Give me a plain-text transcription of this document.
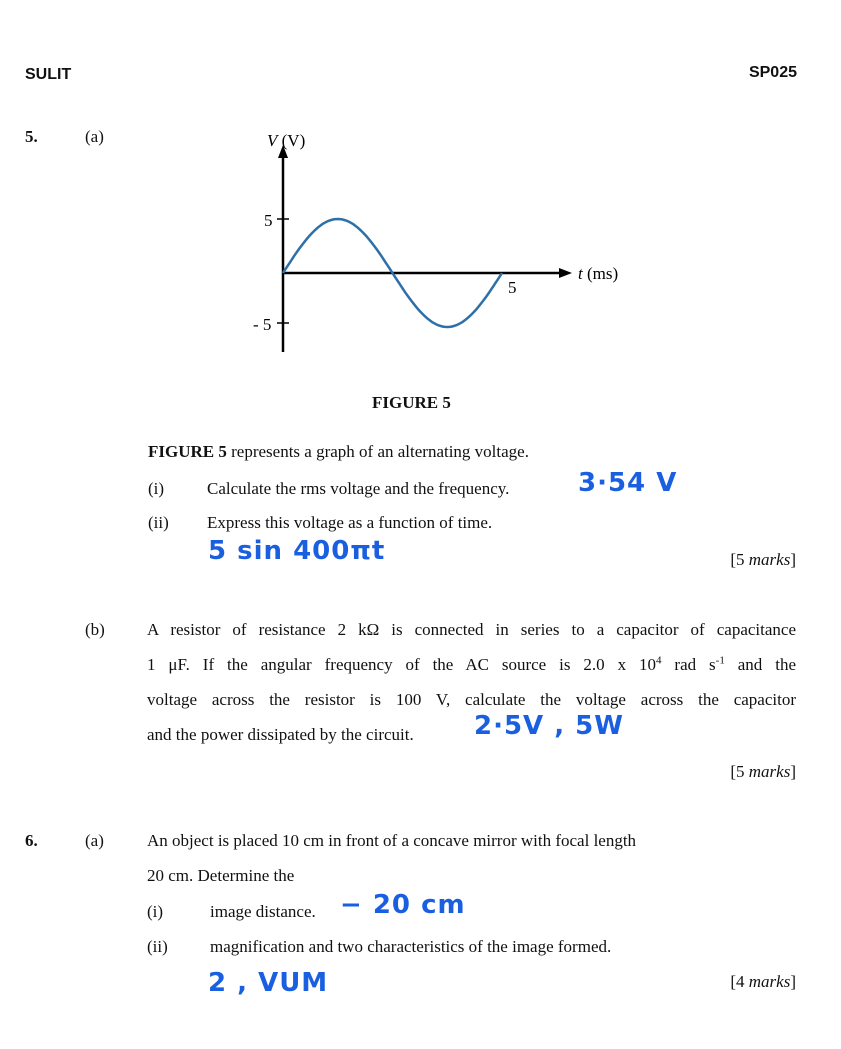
SULIT	SP025
5.	(a)	V (V)
t (ms)
5
- 5
5
FIGURE 5
FIGURE 5 represents a graph of an alternating voltage.
(i)	Calculate the rms voltage and the frequency.	3·54 V
(ii) Express this voltage as a function of time.
5 sin 400πt	[5 marks]
(b) A resistor of resistance 2 kΩ is connected in series to a capacitor of capacitance
1 μF. If the angular frequency of the AC source is 2.0 x $10^4$ rad $s^{-1}$ and the
voltage across the resistor is 100 V, calculate the voltage across the capacitor
and the power dissipated by the circuit. 2·5V , 5W
[5 marks]
6.	(a)	An object is placed 10 cm in front of a concave mirror with focal length
20 cm. Determine the
(i)	image distance. − 20 cm
(ii) magnification and two characteristics of the image formed.
2 , VUM	[4 marks]
